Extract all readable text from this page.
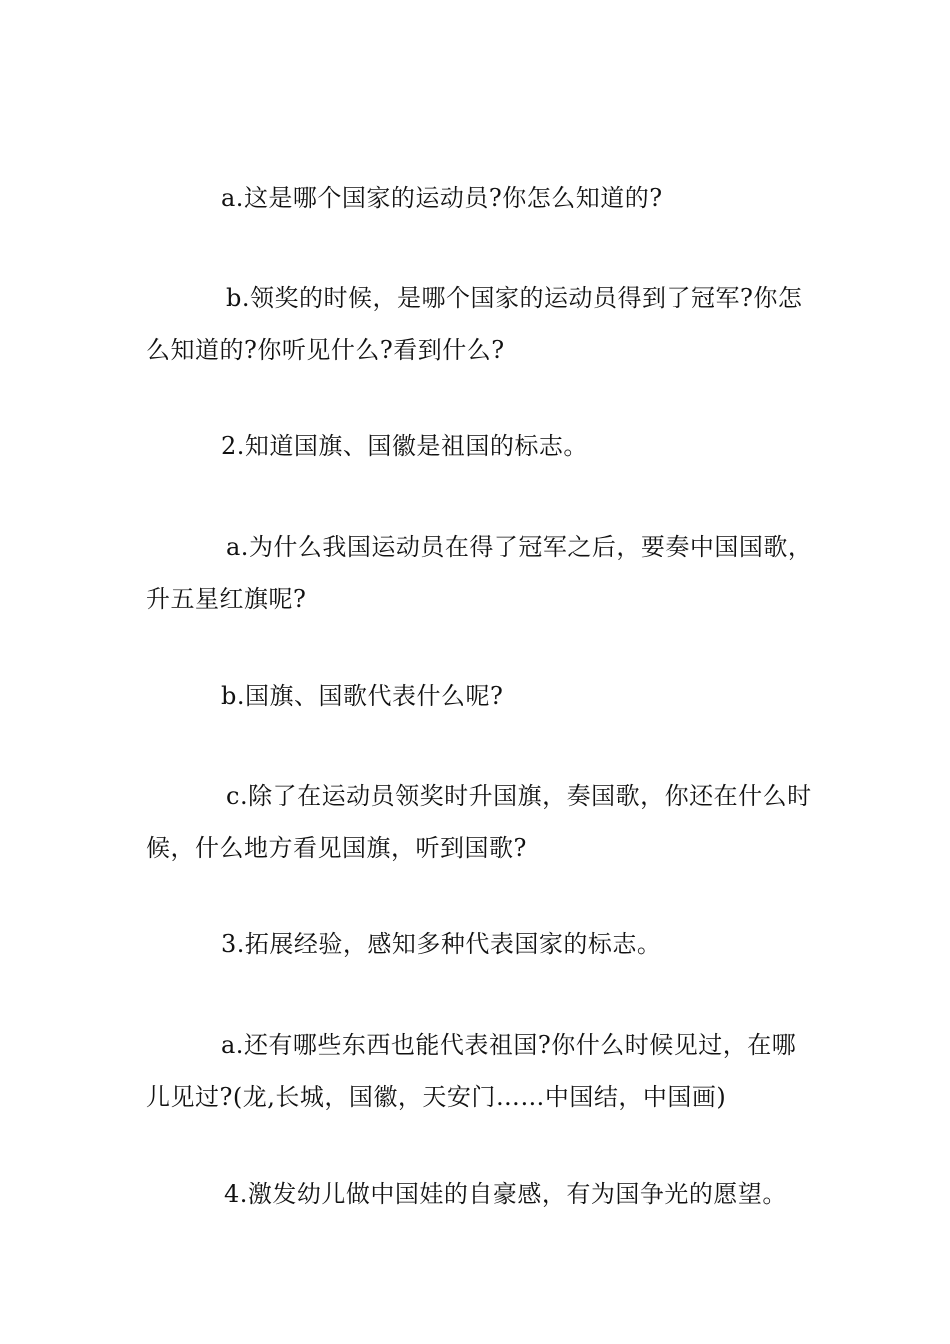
a.这是哪个国家的运动员?你怎么知道的?

b.领奖的时候，是哪个国家的运动员得到了冠军?你怎么知道的?你听见什么?看到什么?

2.知道国旗、国徽是祖国的标志。

a.为什么我国运动员在得了冠军之后，要奏中国国歌，升五星红旗呢?

b.国旗、国歌代表什么呢?

c.除了在运动员领奖时升国旗，奏国歌，你还在什么时候，什么地方看见国旗，听到国歌?

3.拓展经验，感知多种代表国家的标志。

a.还有哪些东西也能代表祖国?你什么时候见过，在哪儿见过?(龙,长城，国徽，天安门……中国结，中国画)

4.激发幼儿做中国娃的自豪感，有为国争光的愿望。
